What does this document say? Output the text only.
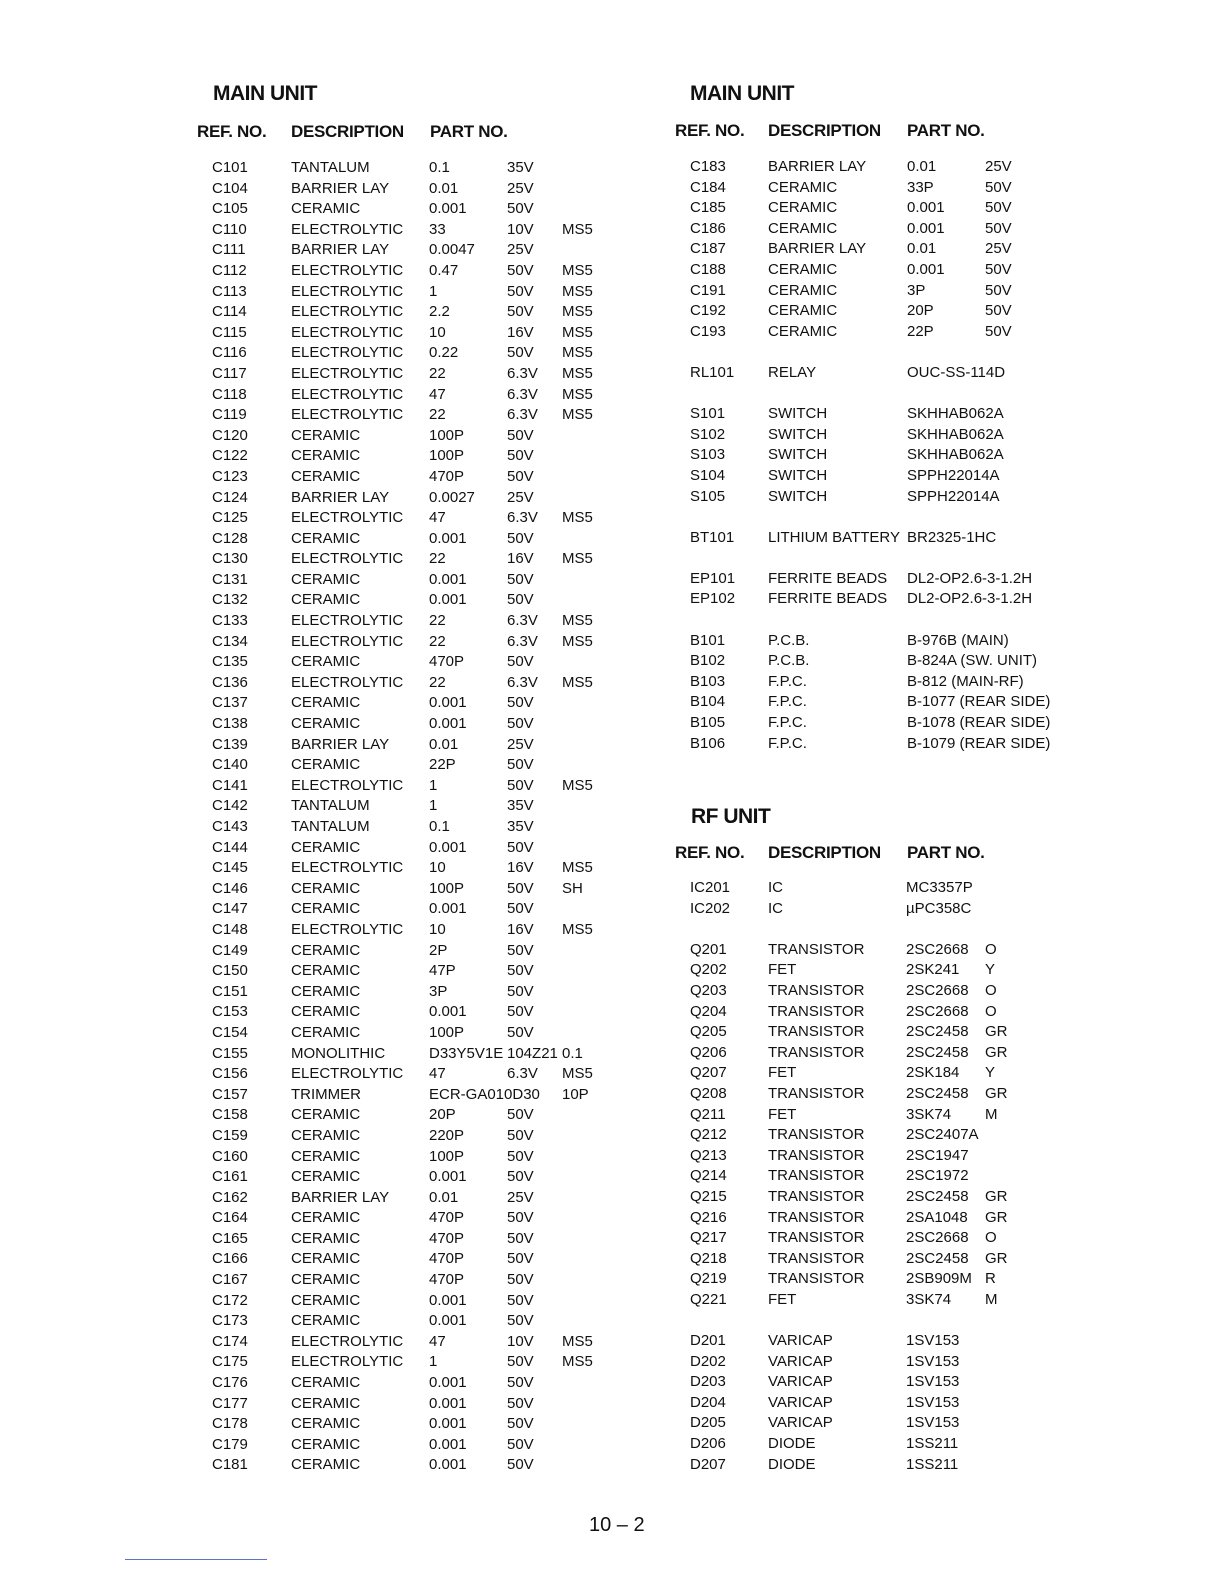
MAIN UNIT
REF. NO. DESCRIPTION PART NO.
C101	TANTALUM	0.1	35V
C104	BARRIER LAY	0.01	25V
C105	CERAMIC	0.001	50V
C110	ELECTROLYTIC 33	10V MS5
C111	BARRIER LAY	0.0047 25V
C112	ELECTROLYTIC 0.47	50V MS5
C113	ELECTROLYTIC 1	50V MS5
C114	ELECTROLYTIC 2.2	50V MS5
C115	ELECTROLYTIC 10	16V MS5
C116	ELECTROLYTIC 0.22	50V MS5
C117	ELECTROLYTIC 22	6.3V MS5
C118	ELECTROLYTIC 47	6.3V MS5
C119	ELECTROLYTIC 22	6.3V MS5
C120	CERAMIC	100P	50V
C122	CERAMIC	100P	50V
C123	CERAMIC	470P	50V
C124	BARRIER LAY	0.0027 25V
C125	ELECTROLYTIC 47	6.3V MS5
C128	CERAMIC	0.001	50V
C130	ELECTROLYTIC 22	16V MS5
C131	CERAMIC	0.001	50V
C132	CERAMIC	0.001	50V
C133	ELECTROLYTIC 22	6.3V MS5
C134	ELECTROLYTIC 22	6.3V MS5
C135	CERAMIC	470P	50V
C136	ELECTROLYTIC 22	6.3V MS5
C137	CERAMIC	0.001	50V
C138	CERAMIC	0.001	50V
C139	BARRIER LAY	0.01	25V
C140	CERAMIC	22P	50V
C141	ELECTROLYTIC 1	50V MS5
C142	TANTALUM	1	35V
C143	TANTALUM	0.1	35V
C144	CERAMIC	0.001	50V
C145	ELECTROLYTIC 10	16V MS5
C146	CERAMIC	100P	50V SH
C147	CERAMIC	0.001	50V
C148	ELECTROLYTIC 10	16V MS5
C149	CERAMIC	2P	50V
C150	CERAMIC	47P	50V
C151	CERAMIC	3P	50V
C153	CERAMIC	0.001	50V
C154	CERAMIC	100P	50V
C155	MONOLITHIC	D33Y5V1E 104Z21 0.1
C156	ELECTROLYTIC 47	6.3V MS5
C157	TRIMMER	ECR-GA010D30 10P
C158	CERAMIC	20P	50V
C159	CERAMIC	220P	50V
C160	CERAMIC	100P	50V
C161	CERAMIC	0.001	50V
C162	BARRIER LAY	0.01	25V
C164	CERAMIC	470P	50V
C165	CERAMIC	470P	50V
C166	CERAMIC	470P	50V
C167	CERAMIC	470P	50V
C172	CERAMIC	0.001	50V
C173	CERAMIC	0.001	50V
C174	ELECTROLYTIC 47	10V MS5
C175	ELECTROLYTIC 1	50V MS5
C176	CERAMIC	0.001	50V
C177	CERAMIC	0.001	50V
C178	CERAMIC	0.001	50V
C179	CERAMIC	0.001	50V
C181	CERAMIC	0.001	50V
MAIN UNIT
REF. NO. DESCRIPTION PART NO.
C183	BARRIER LAY	0.01	25V
C184	CERAMIC	33P	50V
C185	CERAMIC	0.001	50V
C186	CERAMIC	0.001	50V
C187	BARRIER LAY	0.01	25V
C188	CERAMIC	0.001	50V
C191	CERAMIC	3P	50V
C192	CERAMIC	20P	50V
C193	CERAMIC	22P	50V
RL101 RELAY	OUC-SS-114D
S101	SWITCH	SKHHAB062A
S102	SWITCH	SKHHAB062A
S103	SWITCH	SKHHAB062A
S104	SWITCH	SPPH22014A
S105	SWITCH	SPPH22014A
BT101 LITHIUM BATTERY BR2325-1HC
EP101 FERRITE BEADS DL2-OP2.6-3-1.2H
EP102 FERRITE BEADS DL2-OP2.6-3-1.2H
B101	P.C.B.	B-976B (MAIN)
B102	P.C.B.	B-824A (SW. UNIT)
B103	F.P.C.	B-812 (MAIN-RF)
B104	F.P.C.	B-1077 (REAR SIDE)
B105	F.P.C.	B-1078 (REAR SIDE)
B106	F.P.C.	B-1079 (REAR SIDE)
RF UNIT
REF. NO. DESCRIPTION PART NO.
IC201	IC	MC3357P
IC202	IC	µPC358C
Q201	TRANSISTOR	2SC2668 O
Q202	FET	2SK241 Y
Q203	TRANSISTOR	2SC2668 O
Q204	TRANSISTOR	2SC2668 O
Q205	TRANSISTOR	2SC2458 GR
Q206	TRANSISTOR	2SC2458 GR
Q207	FET	2SK184 Y
Q208	TRANSISTOR	2SC2458 GR
Q211	FET	3SK74 M
Q212	TRANSISTOR	2SC2407A
Q213	TRANSISTOR	2SC1947
Q214	TRANSISTOR	2SC1972
Q215	TRANSISTOR	2SC2458 GR
Q216	TRANSISTOR	2SA1048 GR
Q217	TRANSISTOR	2SC2668 O
Q218	TRANSISTOR	2SC2458 GR
Q219	TRANSISTOR	2SB909M R
Q221	FET	3SK74 M
D201	VARICAP	1SV153
D202	VARICAP	1SV153
D203	VARICAP	1SV153
D204	VARICAP	1SV153
D205	VARICAP	1SV153
D206	DIODE	1SS211
D207	DIODE	1SS211
10 – 2
